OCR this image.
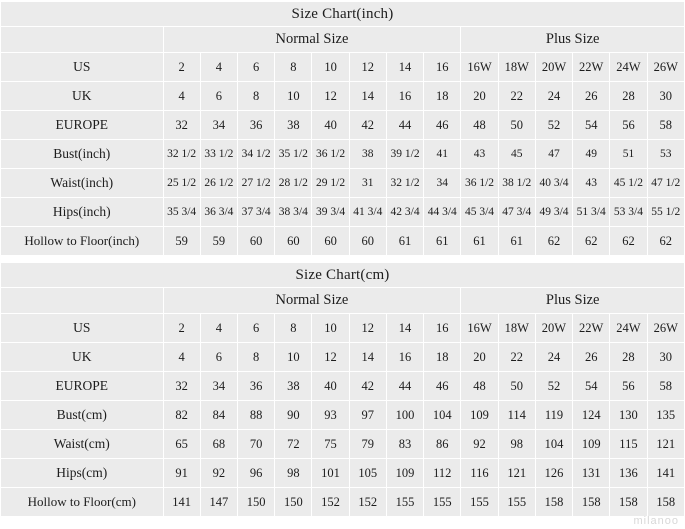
Size Chart(inch)														
	Normal Size								Plus Size					
US	2	4	6	8	10	12	14	16	16W	18W	20W	22W	24W	26W
UK	4	6	8	10	12	14	16	18	20	22	24	26	28	30
EUROPE	32	34	36	38	40	42	44	46	48	50	52	54	56	58
Bust(inch)	32 1/2	33 1/2	34 1/2	35 1/2	36 1/2	38	39 1/2	41	43	45	47	49	51	53
Waist(inch)	25 1/2	26 1/2	27 1/2	28 1/2	29 1/2	31	32 1/2	34	36 1/2	38 1/2	40 3/4	43	45 1/2	47 1/2
Hips(inch)	35 3/4	36 3/4	37 3/4	38 3/4	39 3/4	41 3/4	42 3/4	44 3/4	45 3/4	47 3/4	49 3/4	51 3/4	53 3/4	55 1/2
Hollow to Floor(inch)	59	59	60	60	60	60	61	61	61	61	62	62	62	62
Size Chart(cm)														
	Normal Size								Plus Size					
US	2	4	6	8	10	12	14	16	16W	18W	20W	22W	24W	26W
UK	4	6	8	10	12	14	16	18	20	22	24	26	28	30
EUROPE	32	34	36	38	40	42	44	46	48	50	52	54	56	58
Bust(cm)	82	84	88	90	93	97	100	104	109	114	119	124	130	135
Waist(cm)	65	68	70	72	75	79	83	86	92	98	104	109	115	121
Hips(cm)	91	92	96	98	101	105	109	112	116	121	126	131	136	141
Hollow to Floor(cm)	141	147	150	150	152	152	155	155	155	155	158	158	158	158
milanoo
